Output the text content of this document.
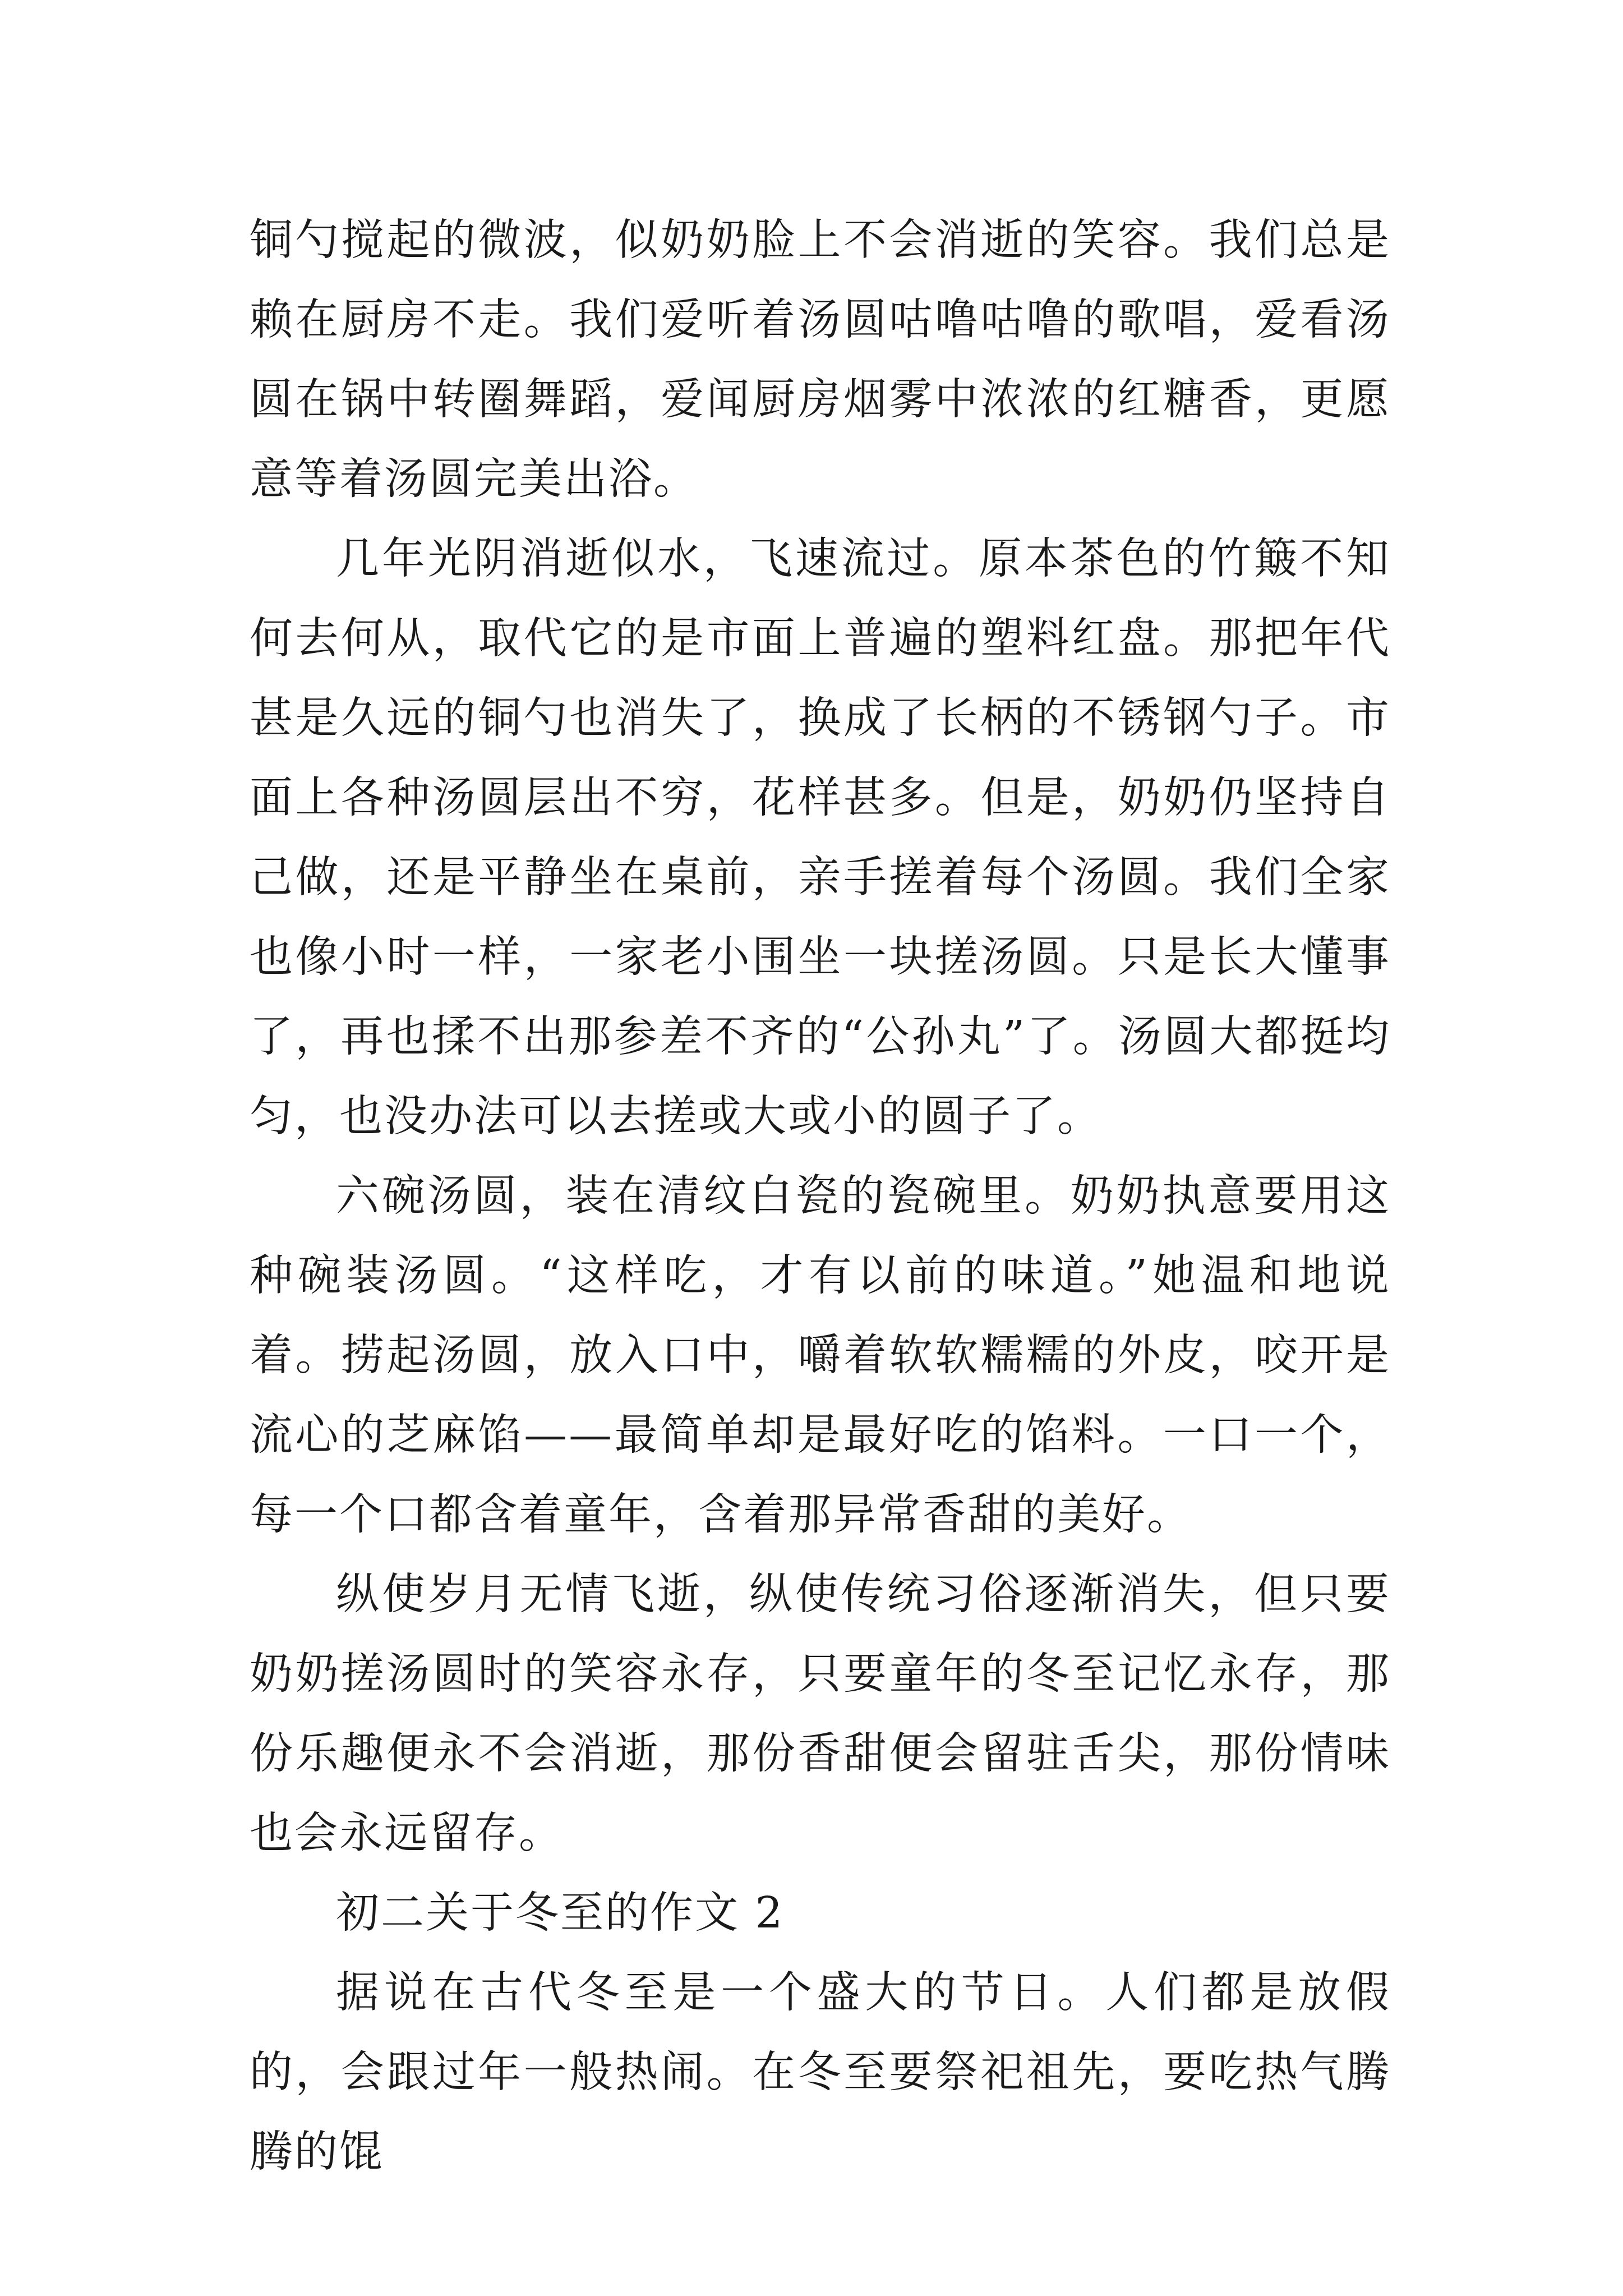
铜勺搅起的微波，似奶奶脸上不会消逝的笑容。我们总是赖在厨房不走。我们爱听着汤圆咕噜咕噜的歌唱，爱看汤圆在锅中转圈舞蹈，爱闻厨房烟雾中浓浓的红糖香，更愿意等着汤圆完美出浴。

几年光阴消逝似水，飞速流过。原本茶色的竹簸不知何去何从，取代它的是市面上普遍的塑料红盘。那把年代甚是久远的铜勺也消失了，换成了长柄的不锈钢勺子。市面上各种汤圆层出不穷，花样甚多。但是，奶奶仍坚持自己做，还是平静坐在桌前，亲手搓着每个汤圆。我们全家也像小时一样，一家老小围坐一块搓汤圆。只是长大懂事了，再也揉不出那参差不齐的“公孙丸”了。汤圆大都挺均匀，也没办法可以去搓或大或小的圆子了。

六碗汤圆，装在清纹白瓷的瓷碗里。奶奶执意要用这种碗装汤圆。“这样吃，才有以前的味道。”她温和地说着。捞起汤圆，放入口中，嚼着软软糯糯的外皮，咬开是流心的芝麻馅——最简单却是最好吃的馅料。一口一个，每一个口都含着童年，含着那异常香甜的美好。

纵使岁月无情飞逝，纵使传统习俗逐渐消失，但只要奶奶搓汤圆时的笑容永存，只要童年的冬至记忆永存，那份乐趣便永不会消逝，那份香甜便会留驻舌尖，那份情味也会永远留存。

初二关于冬至的作文 2

据说在古代冬至是一个盛大的节日。人们都是放假的，会跟过年一般热闹。在冬至要祭祀祖先，要吃热气腾腾的馄
